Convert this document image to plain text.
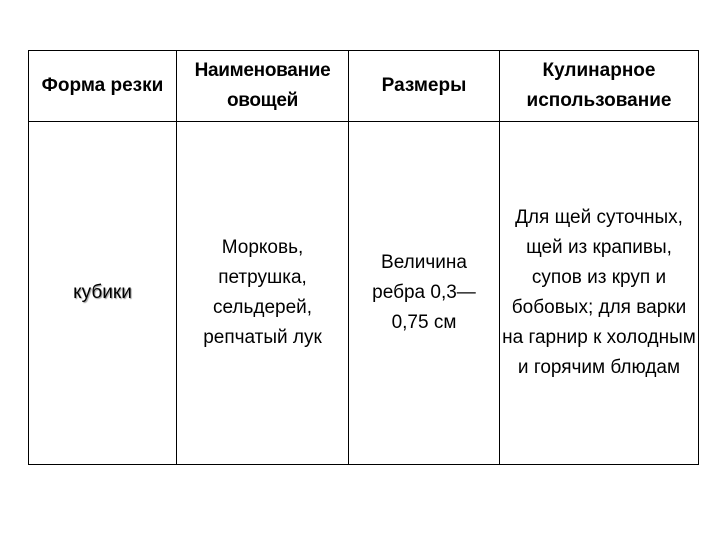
Форма резки	Наименование овощей	Размеры	Кулинарное использование
кубики	Морковь, петрушка, сельдерей, репчатый лук	Величина ребра 0,3— 0,75 см	Для щей суточных, щей из крапивы, супов из круп и бобовых; для варки на гарнир к холодным и горячим блюдам
